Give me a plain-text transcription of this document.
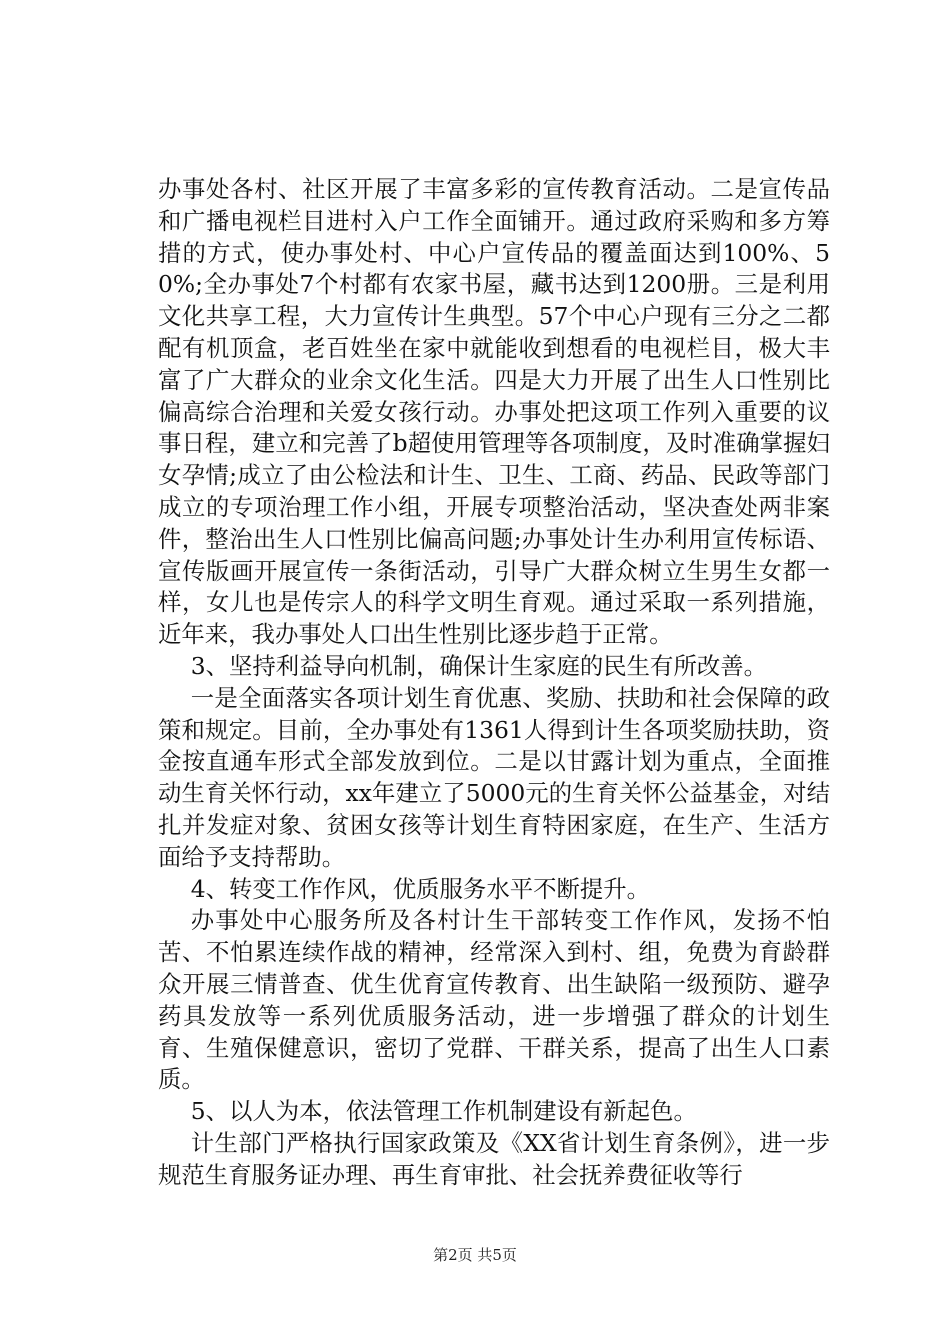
办事处各村、社区开展了丰富多彩的宣传教育活动。二是宣传品和广播电视栏目进村入户工作全面铺开。通过政府采购和多方筹措的方式，使办事处村、中心户宣传品的覆盖面达到100%、50%;全办事处7个村都有农家书屋，藏书达到1200册。三是利用文化共享工程，大力宣传计生典型。57个中心户现有三分之二都配有机顶盒，老百姓坐在家中就能收到想看的电视栏目，极大丰富了广大群众的业余文化生活。四是大力开展了出生人口性别比偏高综合治理和关爱女孩行动。办事处把这项工作列入重要的议事日程，建立和完善了b超使用管理等各项制度，及时准确掌握妇女孕情;成立了由公检法和计生、卫生、工商、药品、民政等部门成立的专项治理工作小组，开展专项整治活动，坚决查处两非案件，整治出生人口性别比偏高问题;办事处计生办利用宣传标语、宣传版画开展宣传一条街活动，引导广大群众树立生男生女都一样，女儿也是传宗人的科学文明生育观。通过采取一系列措施，近年来，我办事处人口出生性别比逐步趋于正常。

3、坚持利益导向机制，确保计生家庭的民生有所改善。

一是全面落实各项计划生育优惠、奖励、扶助和社会保障的政策和规定。目前，全办事处有1361人得到计生各项奖励扶助，资金按直通车形式全部发放到位。二是以甘露计划为重点，全面推动生育关怀行动，xx年建立了5000元的生育关怀公益基金，对结扎并发症对象、贫困女孩等计划生育特困家庭，在生产、生活方面给予支持帮助。

4、转变工作作风，优质服务水平不断提升。

办事处中心服务所及各村计生干部转变工作作风，发扬不怕苦、不怕累连续作战的精神，经常深入到村、组，免费为育龄群众开展三情普查、优生优育宣传教育、出生缺陷一级预防、避孕药具发放等一系列优质服务活动，进一步增强了群众的计划生育、生殖保健意识，密切了党群、干群关系，提高了出生人口素质。

5、以人为本，依法管理工作机制建设有新起色。

计生部门严格执行国家政策及《XX省计划生育条例》，进一步规范生育服务证办理、再生育审批、社会抚养费征收等行

第2页 共5页
